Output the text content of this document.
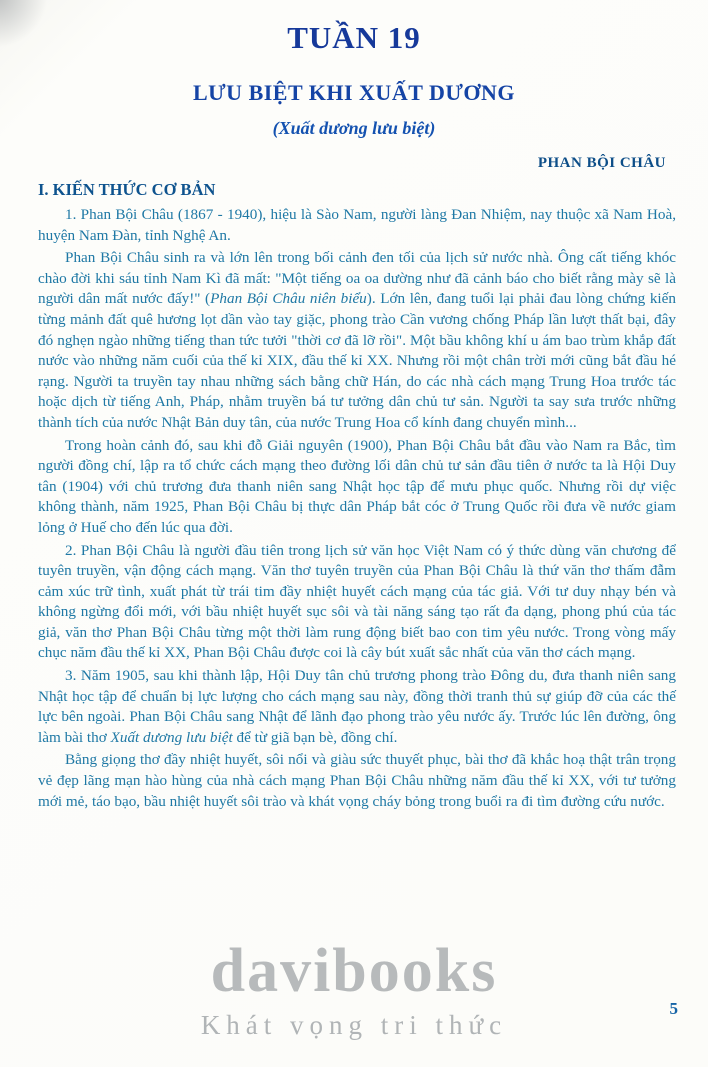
TUẦN 19
LƯU BIỆT KHI XUẤT DƯƠNG
(Xuất dương lưu biệt)
PHAN BỘI CHÂU
I. KIẾN THỨC CƠ BẢN

1. Phan Bội Châu (1867 - 1940), hiệu là Sào Nam, người làng Đan Nhiệm, nay thuộc xã Nam Hoà, huyện Nam Đàn, tỉnh Nghệ An.

Phan Bội Châu sinh ra và lớn lên trong bối cảnh đen tối của lịch sử nước nhà. Ông cất tiếng khóc chào đời khi sáu tỉnh Nam Kì đã mất: "Một tiếng oa oa dường như đã cảnh báo cho biết rằng mày sẽ là người dân mất nước đấy!" (Phan Bội Châu niên biểu). Lớn lên, đang tuổi lại phải đau lòng chứng kiến từng mảnh đất quê hương lọt dần vào tay giặc, phong trào Cần vương chống Pháp lần lượt thất bại, đây đó nghẹn ngào những tiếng than tức tưởi "thời cơ đã lỡ rồi". Một bầu không khí u ám bao trùm khắp đất nước vào những năm cuối của thế kỉ XIX, đầu thế kỉ XX. Nhưng rồi một chân trời mới cũng bắt đầu hé rạng. Người ta truyền tay nhau những sách bằng chữ Hán, do các nhà cách mạng Trung Hoa trước tác hoặc dịch từ tiếng Anh, Pháp, nhằm truyền bá tư tưởng dân chủ tư sản. Người ta say sưa trước những thành tích của nước Nhật Bản duy tân, của nước Trung Hoa cổ kính đang chuyển mình...

Trong hoàn cảnh đó, sau khi đỗ Giải nguyên (1900), Phan Bội Châu bắt đầu vào Nam ra Bắc, tìm người đồng chí, lập ra tổ chức cách mạng theo đường lối dân chủ tư sản đầu tiên ở nước ta là Hội Duy tân (1904) với chủ trương đưa thanh niên sang Nhật học tập để mưu phục quốc. Nhưng rồi dự việc không thành, năm 1925, Phan Bội Châu bị thực dân Pháp bắt cóc ở Trung Quốc rồi đưa về nước giam lỏng ở Huế cho đến lúc qua đời.

2. Phan Bội Châu là người đầu tiên trong lịch sử văn học Việt Nam có ý thức dùng văn chương để tuyên truyền, vận động cách mạng. Văn thơ tuyên truyền của Phan Bội Châu là thứ văn thơ thấm đẫm cảm xúc trữ tình, xuất phát từ trái tim đầy nhiệt huyết cách mạng của tác giả. Với tư duy nhạy bén và không ngừng đổi mới, với bầu nhiệt huyết sục sôi và tài năng sáng tạo rất đa dạng, phong phú của tác giả, văn thơ Phan Bội Châu từng một thời làm rung động biết bao con tim yêu nước. Trong vòng mấy chục năm đầu thế kỉ XX, Phan Bội Châu được coi là cây bút xuất sắc nhất của văn thơ cách mạng.

3. Năm 1905, sau khi thành lập, Hội Duy tân chủ trương phong trào Đông du, đưa thanh niên sang Nhật học tập để chuẩn bị lực lượng cho cách mạng sau này, đồng thời tranh thủ sự giúp đỡ của các thế lực bên ngoài. Phan Bội Châu sang Nhật để lãnh đạo phong trào yêu nước ấy. Trước lúc lên đường, ông làm bài thơ Xuất dương lưu biệt để từ giã bạn bè, đồng chí.

Bằng giọng thơ đầy nhiệt huyết, sôi nổi và giàu sức thuyết phục, bài thơ đã khắc hoạ thật trân trọng vẻ đẹp lãng mạn hào hùng của nhà cách mạng Phan Bội Châu những năm đầu thế kỉ XX, với tư tưởng mới mẻ, táo bạo, bầu nhiệt huyết sôi trào và khát vọng cháy bỏng trong buổi ra đi tìm đường cứu nước.

davibooks
Khát vọng tri thức
5
